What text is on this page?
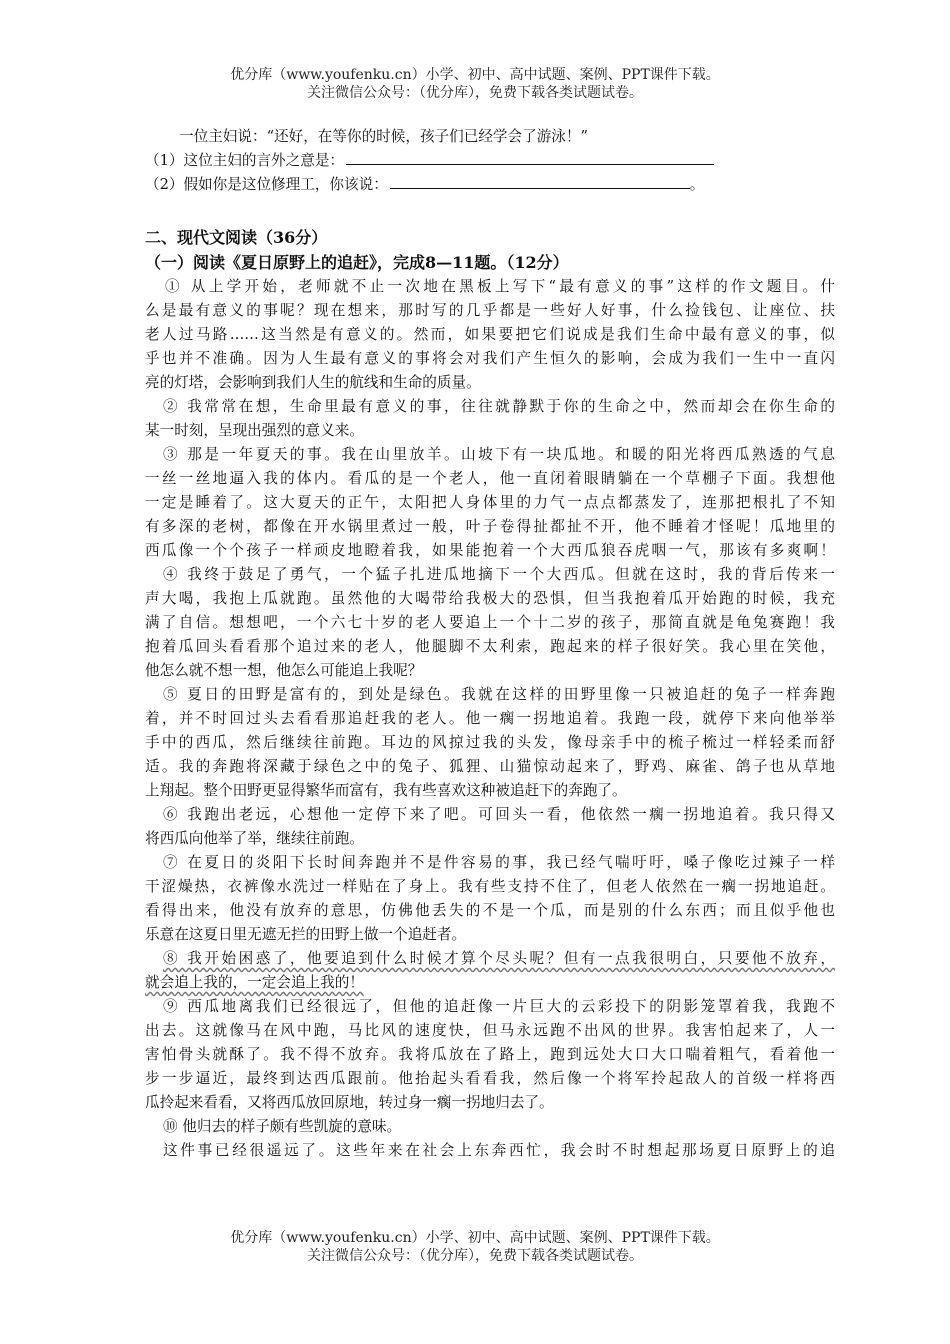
优分库（www.youfenku.cn）小学、初中、高中试题、案例、PPT课件下载。
关注微信公众号：（优分库），免费下载各类试题试卷。
一位主妇说：“还好，在等你的时候，孩子们已经学会了游泳！”
（1）这位主妇的言外之意是：
（2）假如你是这位修理工，你该说：	。
二、现代文阅读（36分）
（一）阅读《夏日原野上的追赶》，完成8—11题。（12分）
① 从上学开始，老师就不止一次地在黑板上写下“最有意义的事”这样的作文题目。什
么是最有意义的事呢？现在想来，那时写的几乎都是一些好人好事，什么捡钱包、让座位、扶
老人过马路……这当然是有意义的。然而，如果要把它们说成是我们生命中最有意义的事，似
乎也并不准确。因为人生最有意义的事将会对我们产生恒久的影响，会成为我们一生中一直闪
亮的灯塔，会影响到我们人生的航线和生命的质量。
② 我常常在想，生命里最有意义的事，往往就静默于你的生命之中，然而却会在你生命的
某一时刻，呈现出强烈的意义来。
③ 那是一年夏天的事。我在山里放羊。山坡下有一块瓜地。和暖的阳光将西瓜熟透的气息
一丝一丝地逼入我的体内。看瓜的是一个老人，他一直闭着眼睛躺在一个草棚子下面。我想他
一定是睡着了。这大夏天的正午，太阳把人身体里的力气一点点都蒸发了，连那把根扎了不知
有多深的老树，都像在开水锅里煮过一般，叶子卷得扯都扯不开，他不睡着才怪呢！瓜地里的
西瓜像一个个孩子一样顽皮地瞪着我，如果能抱着一个大西瓜狼吞虎咽一气，那该有多爽啊！
④ 我终于鼓足了勇气，一个猛子扎进瓜地摘下一个大西瓜。但就在这时，我的背后传来一
声大喝，我抱上瓜就跑。虽然他的大喝带给我极大的恐惧，但当我抱着瓜开始跑的时候，我充
满了自信。想想吧，一个六七十岁的老人要追上一个十二岁的孩子，那简直就是龟兔赛跑！我
抱着瓜回头看看那个追过来的老人，他腿脚不太利索，跑起来的样子很好笑。我心里在笑他，
他怎么就不想一想，他怎么可能追上我呢？
⑤ 夏日的田野是富有的，到处是绿色。我就在这样的田野里像一只被追赶的兔子一样奔跑
着，并不时回过头去看看那追赶我的老人。他一瘸一拐地追着。我跑一段，就停下来向他举举
手中的西瓜，然后继续往前跑。耳边的风掠过我的头发，像母亲手中的梳子梳过一样轻柔而舒
适。我的奔跑将深藏于绿色之中的兔子、狐狸、山猫惊动起来了，野鸡、麻雀、鸽子也从草地
上翔起。整个田野更显得繁华而富有，我有些喜欢这种被追赶下的奔跑了。
⑥ 我跑出老远，心想他一定停下来了吧。可回头一看，他依然一瘸一拐地追着。我只得又
将西瓜向他举了举，继续往前跑。
⑦ 在夏日的炎阳下长时间奔跑并不是件容易的事，我已经气喘吁吁，嗓子像吃过辣子一样
干涩燥热，衣裤像水洗过一样贴在了身上。我有些支持不住了，但老人依然在一瘸一拐地追赶。
看得出来，他没有放弃的意思，仿佛他丢失的不是一个瓜，而是别的什么东西；而且似乎他也
乐意在这夏日里无遮无拦的田野上做一个追赶者。
⑧ 我开始困惑了，他要追到什么时候才算个尽头呢？但有一点我很明白，只要他不放弃，
就会追上我的，一定会追上我的！
⑨ 西瓜地离我们已经很远了，但他的追赶像一片巨大的云彩投下的阴影笼罩着我，我跑不
出去。这就像马在风中跑，马比风的速度快，但马永远跑不出风的世界。我害怕起来了，人一
害怕骨头就酥了。我不得不放弃。我将瓜放在了路上，跑到远处大口大口喘着粗气，看着他一
步一步逼近，最终到达西瓜跟前。他抬起头看看我，然后像一个将军拎起敌人的首级一样将西
瓜拎起来看看，又将西瓜放回原地，转过身一瘸一拐地归去了。
⑩ 他归去的样子颇有些凯旋的意味。
这件事已经很遥远了。这些年来在社会上东奔西忙，我会时不时想起那场夏日原野上的追
优分库（www.youfenku.cn）小学、初中、高中试题、案例、PPT课件下载。
关注微信公众号：（优分库），免费下载各类试题试卷。
